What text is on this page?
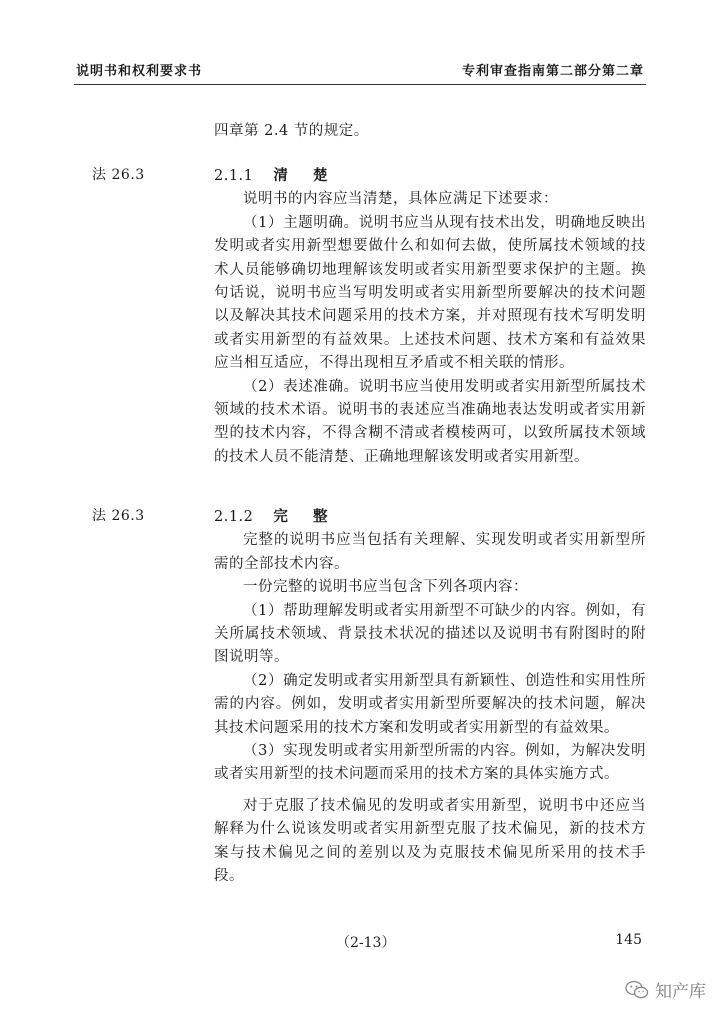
说明书和权利要求书	专利审查指南第二部分第二章

四章第 2.4 节的规定。

法 26.3	2.1.1 清 楚

说明书的内容应当清楚，具体应满足下述要求：

（1）主题明确。说明书应当从现有技术出发，明确地反映出发明或者实用新型想要做什么和如何去做，使所属技术领域的技术人员能够确切地理解该发明或者实用新型要求保护的主题。换句话说，说明书应当写明发明或者实用新型所要解决的技术问题以及解决其技术问题采用的技术方案，并对照现有技术写明发明或者实用新型的有益效果。上述技术问题、技术方案和有益效果应当相互适应，不得出现相互矛盾或不相关联的情形。

（2）表述准确。说明书应当使用发明或者实用新型所属技术领域的技术术语。说明书的表述应当准确地表达发明或者实用新型的技术内容，不得含糊不清或者模棱两可，以致所属技术领域的技术人员不能清楚、正确地理解该发明或者实用新型。

法 26.3	2.1.2 完 整

完整的说明书应当包括有关理解、实现发明或者实用新型所需的全部技术内容。

一份完整的说明书应当包含下列各项内容：

（1）帮助理解发明或者实用新型不可缺少的内容。例如，有关所属技术领域、背景技术状况的描述以及说明书有附图时的附图说明等。

（2）确定发明或者实用新型具有新颖性、创造性和实用性所需的内容。例如，发明或者实用新型所要解决的技术问题，解决其技术问题采用的技术方案和发明或者实用新型的有益效果。

（3）实现发明或者实用新型所需的内容。例如，为解决发明或者实用新型的技术问题而采用的技术方案的具体实施方式。

对于克服了技术偏见的发明或者实用新型，说明书中还应当解释为什么说该发明或者实用新型克服了技术偏见，新的技术方案与技术偏见之间的差别以及为克服技术偏见所采用的技术手段。

（2-13）	145
知产库
